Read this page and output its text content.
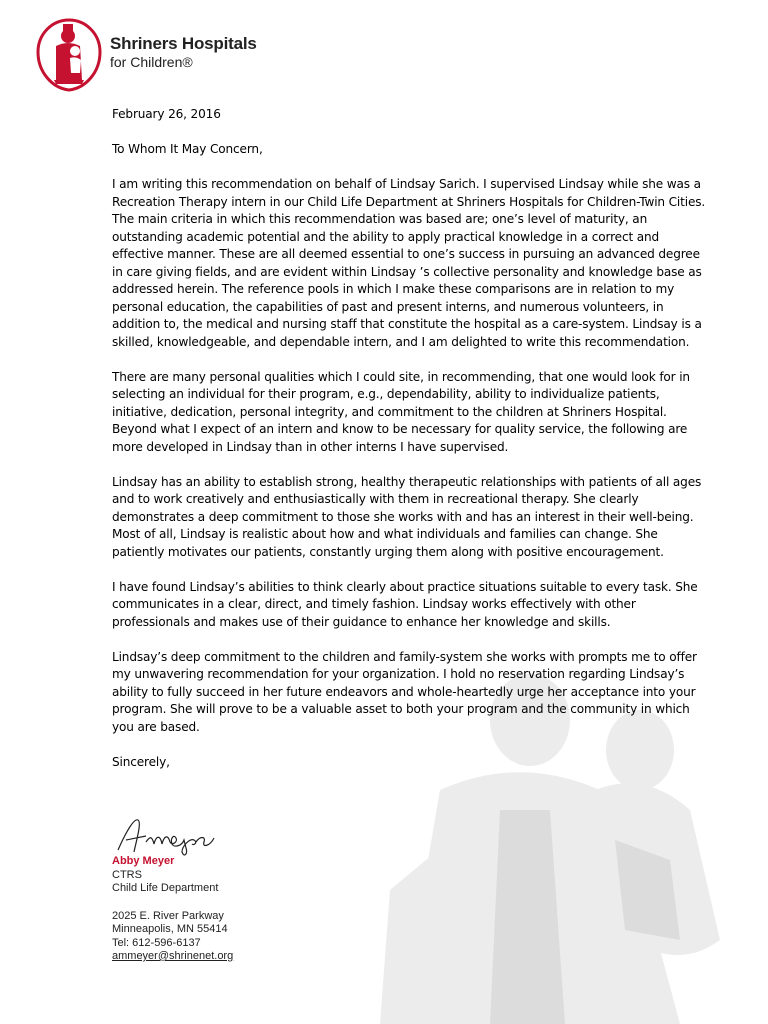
Shriners Hospitals
for Children®

February 26, 2016

To Whom It May Concern,

I am writing this recommendation on behalf of Lindsay Sarich. I supervised Lindsay while she was a Recreation Therapy intern in our Child Life Department at Shriners Hospitals for Children-Twin Cities. The main criteria in which this recommendation was based are; one’s level of maturity, an outstanding academic potential and the ability to apply practical knowledge in a correct and effective manner. These are all deemed essential to one’s success in pursuing an advanced degree in care giving fields, and are evident within Lindsay ’s collective personality and knowledge base as addressed herein. The reference pools in which I make these comparisons are in relation to my personal education, the capabilities of past and present interns, and numerous volunteers, in addition to, the medical and nursing staff that constitute the hospital as a care-system. Lindsay is a skilled, knowledgeable, and dependable intern, and I am delighted to write this recommendation.

There are many personal qualities which I could site, in recommending, that one would look for in selecting an individual for their program, e.g., dependability, ability to individualize patients, initiative, dedication, personal integrity, and commitment to the children at Shriners Hospital. Beyond what I expect of an intern and know to be necessary for quality service, the following are more developed in Lindsay than in other interns I have supervised.

Lindsay has an ability to establish strong, healthy therapeutic relationships with patients of all ages and to work creatively and enthusiastically with them in recreational therapy. She clearly demonstrates a deep commitment to those she works with and has an interest in their well-being. Most of all, Lindsay is realistic about how and what individuals and families can change. She patiently motivates our patients, constantly urging them along with positive encouragement.

I have found Lindsay’s abilities to think clearly about practice situations suitable to every task. She communicates in a clear, direct, and timely fashion. Lindsay works effectively with other professionals and makes use of their guidance to enhance her knowledge and skills.

Lindsay’s deep commitment to the children and family-system she works with prompts me to offer my unwavering recommendation for your organization. I hold no reservation regarding Lindsay’s ability to fully succeed in her future endeavors and whole-heartedly urge her acceptance into your program. She will prove to be a valuable asset to both your program and the community in which you are based.

Sincerely,

Abby Meyer
CTRS
Child Life Department
2025 E. River Parkway
Minneapolis, MN 55414
Tel: 612-596-6137
ammeyer@shrinenet.org
